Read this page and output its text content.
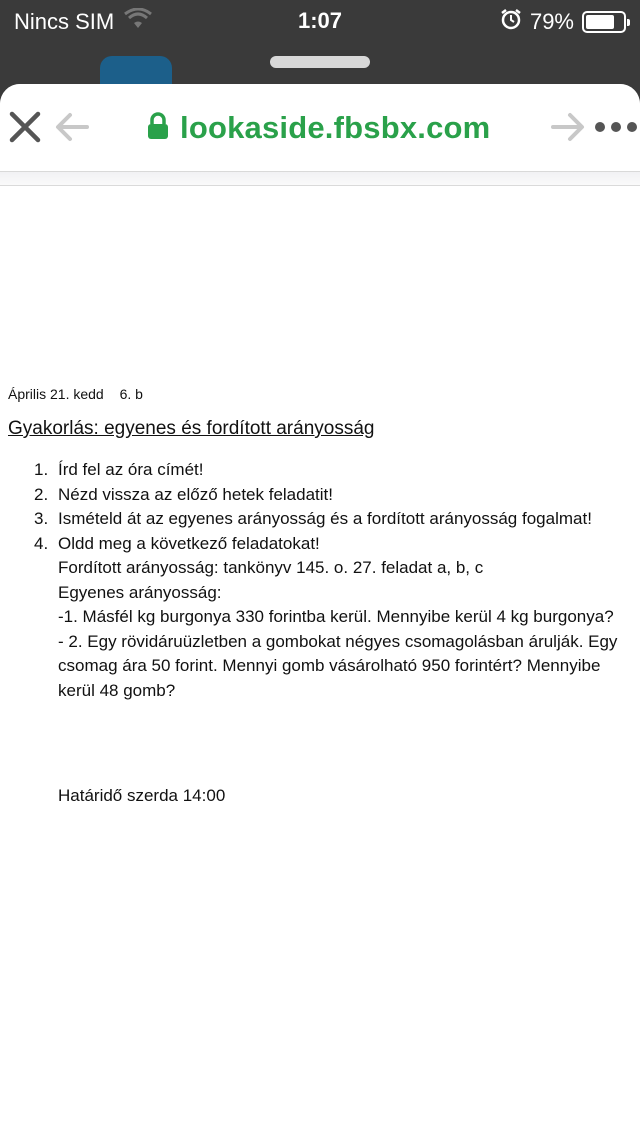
Nincs SIM	1:07	79%
lookaside.fbsbx.com
Április 21. kedd 6. b
Gyakorlás: egyenes és fordított arányosság
1. Írd fel az óra címét!
2. Nézd vissza az előző hetek feladatit!
3. Ismételd át az egyenes arányosság és a fordított arányosság fogalmat!
4. Oldd meg a következő feladatokat!
Fordított arányosság: tankönyv 145. o. 27. feladat a, b, c
Egyenes arányosság:
-1. Másfél kg burgonya 330 forintba kerül. Mennyibe kerül 4 kg burgonya?
- 2. Egy rövidáruüzletben a gombokat négyes csomagolásban árulják. Egy csomag ára 50 forint. Mennyi gomb vásárolható 950 forintért? Mennyibe kerül 48 gomb?
Határidő szerda 14:00
